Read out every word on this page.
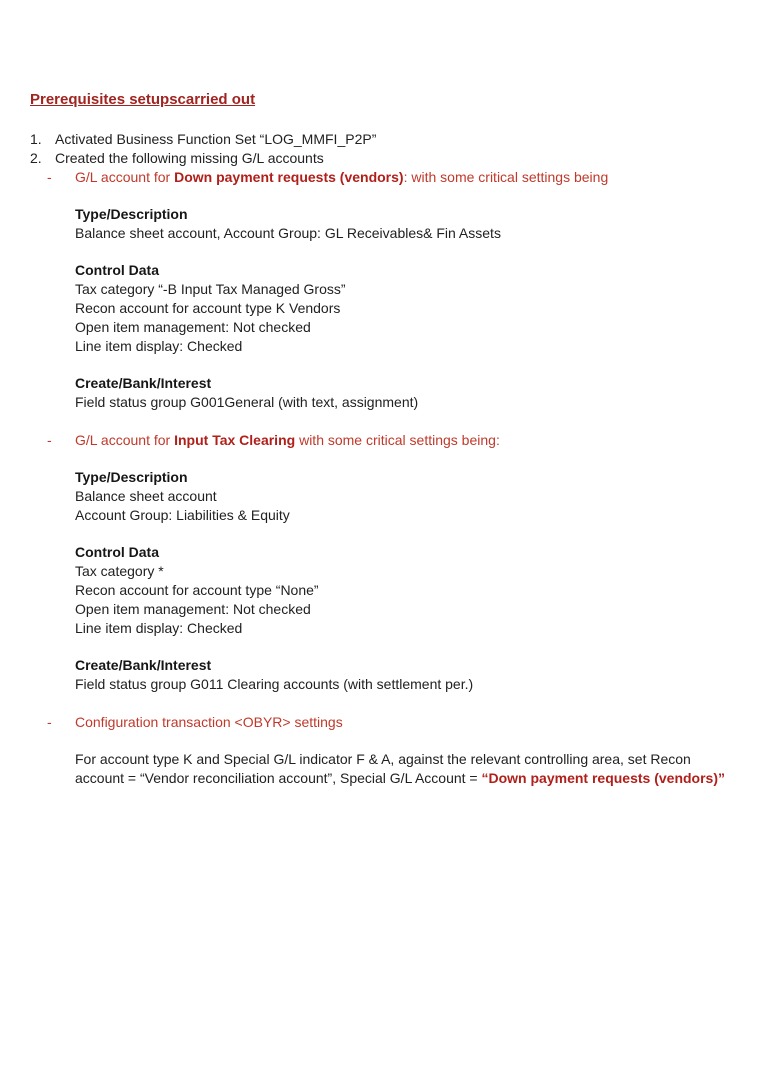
Prerequisites setupscarried out
1. Activated Business Function Set “LOG_MMFI_P2P”
2. Created the following missing G/L accounts
-	G/L account for Down payment requests (vendors): with some critical settings being
Type/Description
Balance sheet account, Account Group: GL Receivables& Fin Assets
Control Data
Tax category “-B Input Tax Managed Gross”
Recon account for account type K Vendors
Open item management: Not checked
Line item display: Checked
Create/Bank/Interest
Field status group G001General (with text, assignment)
-	G/L account for Input Tax Clearing with some critical settings being:
Type/Description
Balance sheet account
Account Group: Liabilities & Equity
Control Data
Tax category *
Recon account for account type “None”
Open item management: Not checked
Line item display: Checked
Create/Bank/Interest
Field status group G011 Clearing accounts (with settlement per.)
-	Configuration transaction <OBYR> settings

For account type K and Special G/L indicator F & A, against the relevant controlling area, set Recon account = “Vendor reconciliation account”, Special G/L Account = “Down payment requests (vendors)”
